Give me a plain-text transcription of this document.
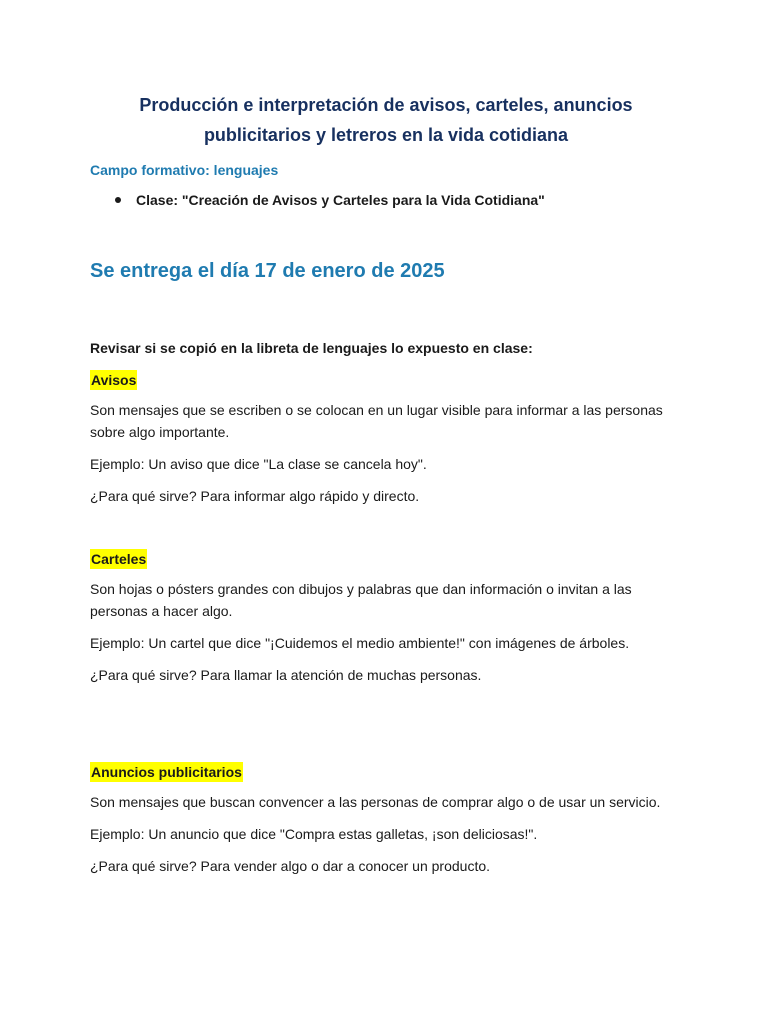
Producción e interpretación de avisos, carteles, anuncios
publicitarios y letreros en la vida cotidiana
Campo formativo: lenguajes
Clase: "Creación de Avisos y Carteles para la Vida Cotidiana"
Se entrega el día 17 de enero de 2025
Revisar si se copió en la libreta de lenguajes lo expuesto en clase:
Avisos

Son mensajes que se escriben o se colocan en un lugar visible para informar a las personas sobre algo importante.

Ejemplo: Un aviso que dice "La clase se cancela hoy".

¿Para qué sirve? Para informar algo rápido y directo.

Carteles

Son hojas o pósters grandes con dibujos y palabras que dan información o invitan a las personas a hacer algo.

Ejemplo: Un cartel que dice "¡Cuidemos el medio ambiente!" con imágenes de árboles.

¿Para qué sirve? Para llamar la atención de muchas personas.

Anuncios publicitarios

Son mensajes que buscan convencer a las personas de comprar algo o de usar un servicio.

Ejemplo: Un anuncio que dice "Compra estas galletas, ¡son deliciosas!".

¿Para qué sirve? Para vender algo o dar a conocer un producto.
